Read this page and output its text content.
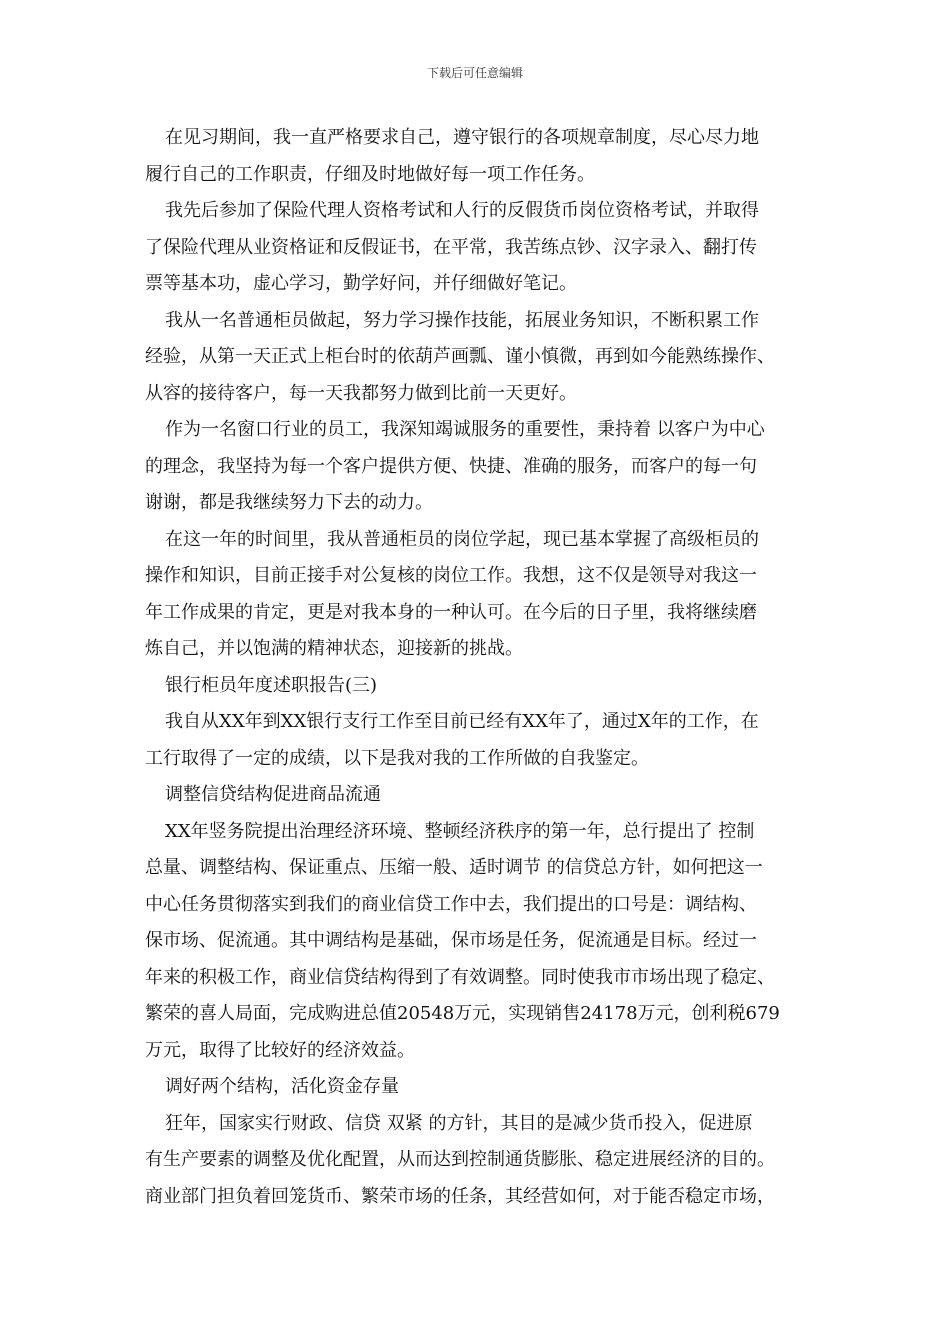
下载后可任意编辑

在见习期间，我一直严格要求自己，遵守银行的各项规章制度，尽心尽力地

履行自己的工作职责，仔细及时地做好每一项工作任务。

我先后参加了保险代理人资格考试和人行的反假货币岗位资格考试，并取得

了保险代理从业资格证和反假证书，在平常，我苦练点钞、汉字录入、翻打传

票等基本功，虚心学习，勤学好问，并仔细做好笔记。

我从一名普通柜员做起，努力学习操作技能，拓展业务知识，不断积累工作

经验，从第一天正式上柜台时的依葫芦画瓢、谨小慎微，再到如今能熟练操作、

从容的接待客户，每一天我都努力做到比前一天更好。

作为一名窗口行业的员工，我深知竭诚服务的重要性，秉持着 以客户为中心

的理念，我坚持为每一个客户提供方便、快捷、准确的服务，而客户的每一句

谢谢，都是我继续努力下去的动力。

在这一年的时间里，我从普通柜员的岗位学起，现已基本掌握了高级柜员的

操作和知识，目前正接手对公复核的岗位工作。我想，这不仅是领导对我这一

年工作成果的肯定，更是对我本身的一种认可。在今后的日子里，我将继续磨

炼自己，并以饱满的精神状态，迎接新的挑战。

银行柜员年度述职报告(三)

我自从XX年到XX银行支行工作至目前已经有XX年了，通过X年的工作，在

工行取得了一定的成绩，以下是我对我的工作所做的自我鉴定。

调整信贷结构促进商品流通

XX年竖务院提出治理经济环境、整顿经济秩序的第一年，总行提出了 控制

总量、调整结构、保证重点、压缩一般、适时调节 的信贷总方针，如何把这一

中心任务贯彻落实到我们的商业信贷工作中去，我们提出的口号是：调结构、

保市场、促流通。其中调结构是基础，保市场是任务，促流通是目标。经过一

年来的积极工作，商业信贷结构得到了有效调整。同时使我市市场出现了稳定、

繁荣的喜人局面，完成购进总值20548万元，实现销售24178万元，创利税679

万元，取得了比较好的经济效益。

调好两个结构，活化资金存量

狂年，国家实行财政、信贷 双紧 的方针，其目的是减少货币投入，促进原

有生产要素的调整及优化配置，从而达到控制通货膨胀、稳定进展经济的目的。

商业部门担负着回笼货币、繁荣市场的任条，其经营如何，对于能否稳定市场，
